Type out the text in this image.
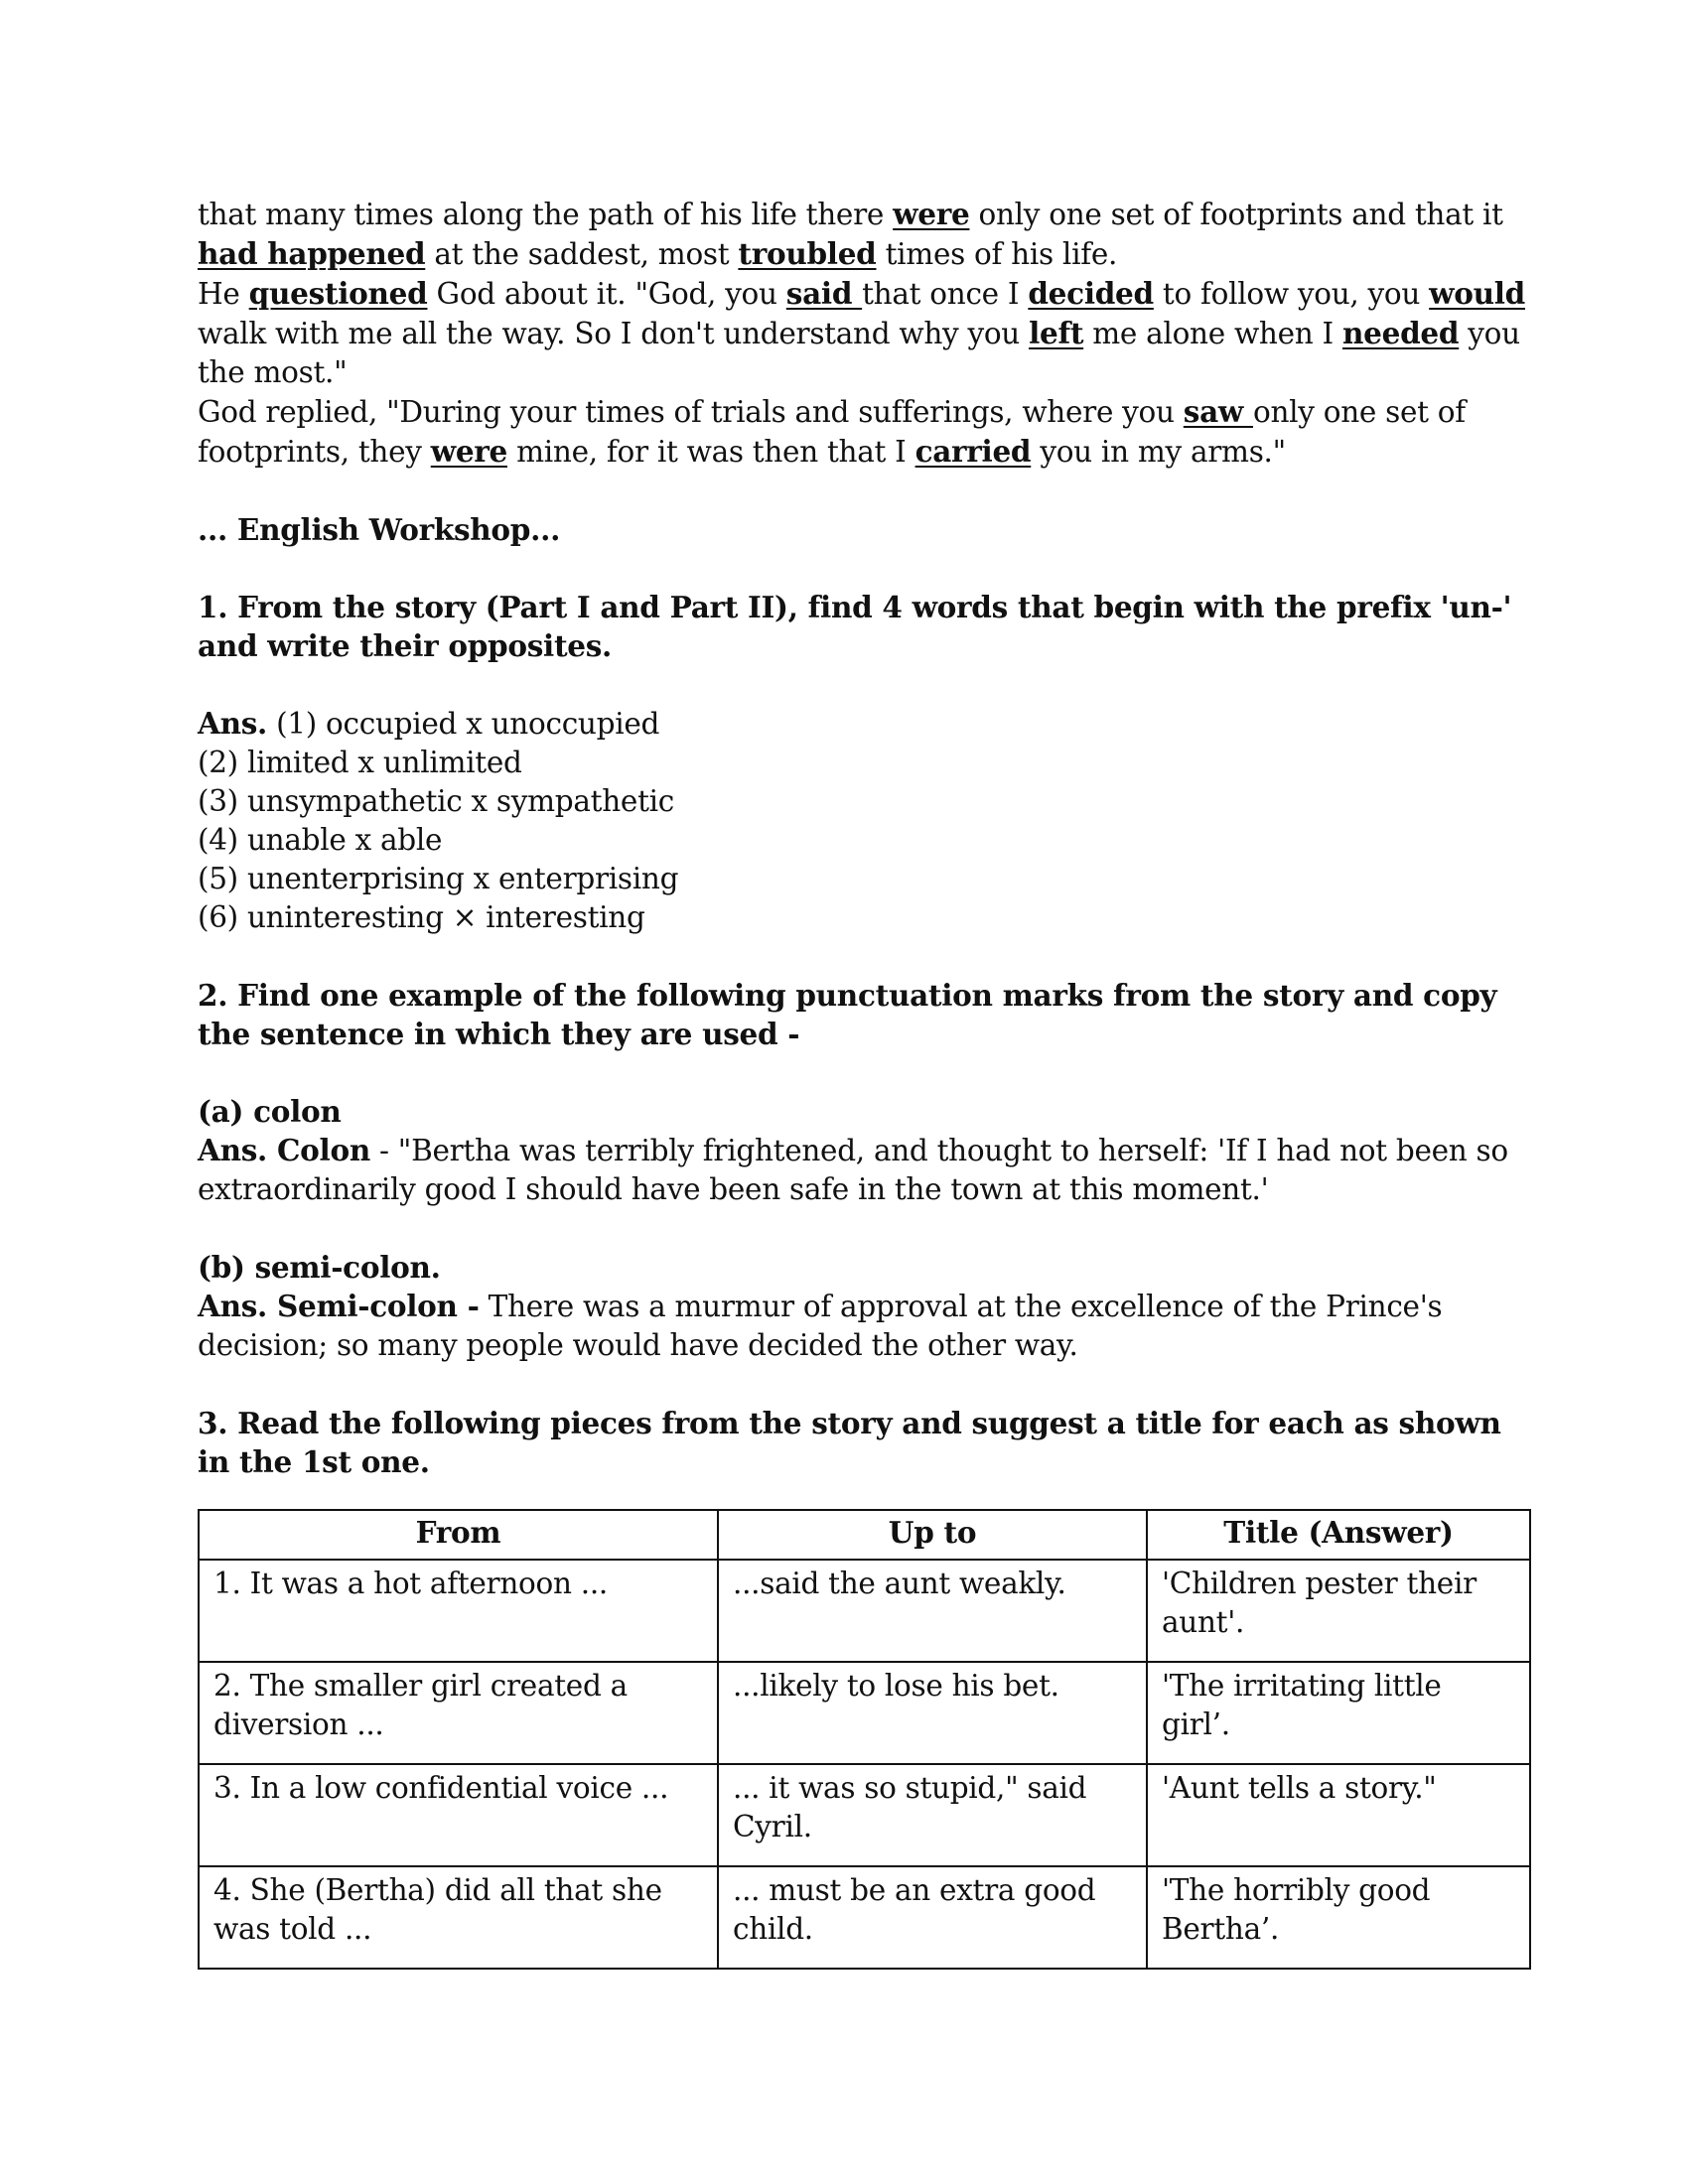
that many times along the path of his life there were only one set of footprints and that it had happened at the saddest, most troubled times of his life.

He questioned God about it. "God, you said that once I decided to follow you, you would walk with me all the way. So I don't understand why you left me alone when I needed you the most."

God replied, "During your times of trials and sufferings, where you saw only one set of footprints, they were mine, for it was then that I carried you in my arms."

... English Workshop...

1. From the story (Part I and Part II), find 4 words that begin with the prefix 'un-' and write their opposites.

Ans. (1) occupied x unoccupied

(2) limited x unlimited

(3) unsympathetic x sympathetic

(4) unable x able

(5) unenterprising x enterprising

(6) uninteresting × interesting

2. Find one example of the following punctuation marks from the story and copy the sentence in which they are used -

(a) colon

Ans. Colon - "Bertha was terribly frightened, and thought to herself: 'If I had not been so extraordinarily good I should have been safe in the town at this moment.'

(b) semi-colon.

Ans. Semi-colon - There was a murmur of approval at the excellence of the Prince's decision; so many people would have decided the other way.

3. Read the following pieces from the story and suggest a title for each as shown in the 1st one.

From	Up to	Title (Answer)
1. It was a hot afternoon ...	...said the aunt weakly.	'Children pester their aunt'.
2. The smaller girl created a diversion ...	...likely to lose his bet.	'The irritating little girl’.
3. In a low confidential voice ...	... it was so stupid," said Cyril.	'Aunt tells a story."
4. She (Bertha) did all that she was told ...	... must be an extra good child.	'The horribly good Bertha’.
